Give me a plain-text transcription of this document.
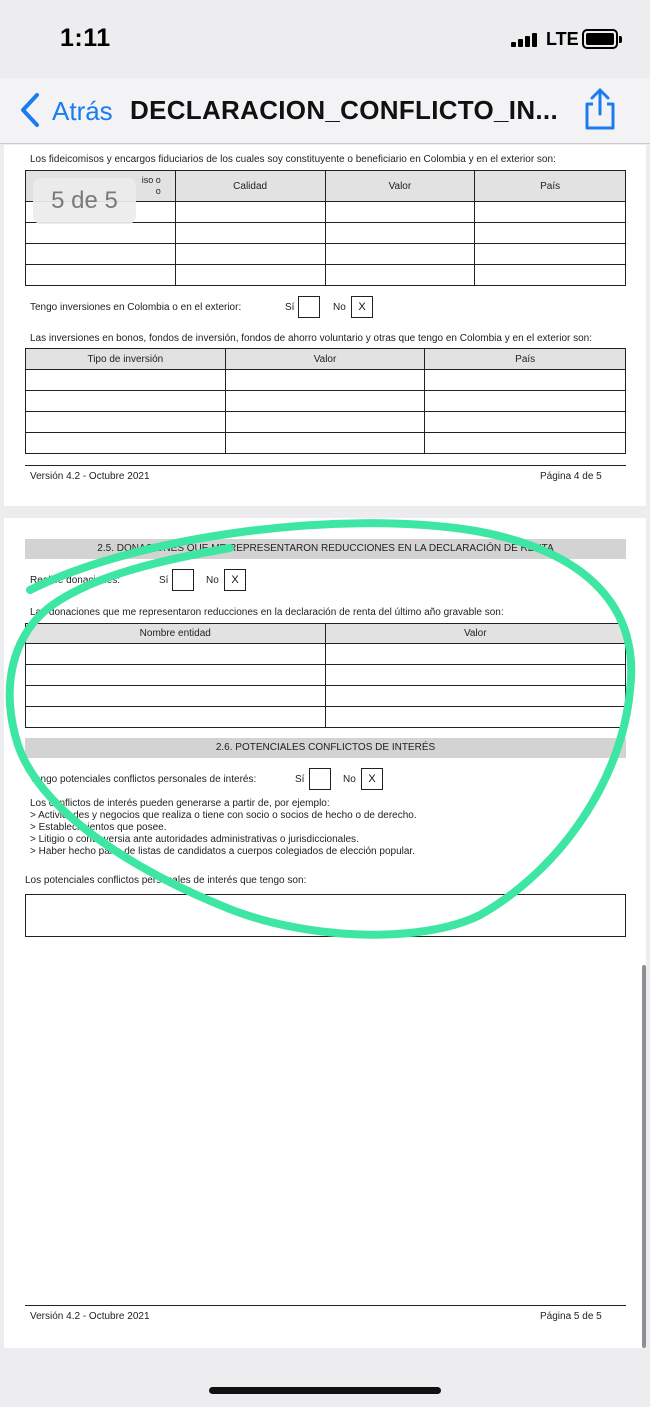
1:11	LTE
Atrás DECLARACION_CONFLICTO_IN...
Los fideicomisos y encargos fiduciarios de los cuales soy constituyente o beneficiario en Colombia y en el exterior son:
iso o
o	Calidad	Valor	País

Tengo inversiones en Colombia o en el exterior:	Sí	No	X
Las inversiones en bonos, fondos de inversión, fondos de ahorro voluntario y otras que tengo en Colombia y en el exterior son:
Tipo de inversión	Valor	País

Versión 4.2 - Octubre 2021	Página 4 de 5
2.5. DONACIONES QUE ME REPRESENTARON REDUCCIONES EN LA DECLARACIÓN DE RENTA
Realicé donaciones:	Sí	No	X
Las donaciones que me representaron reducciones en la declaración de renta del último año gravable son:
Nombre entidad	Valor

2.6. POTENCIALES CONFLICTOS DE INTERÉS
Tengo potenciales conflictos personales de interés:	Sí	No	X
Los conflictos de interés pueden generarse a partir de, por ejemplo:
> Actividades y negocios que realiza o tiene con socio o socios de hecho o de derecho.
> Establecimientos que posee.
> Litigio o controversia ante autoridades administrativas o jurisdiccionales.
> Haber hecho parte de listas de candidatos a cuerpos colegiados de elección popular.
Los potenciales conflictos personales de interés que tengo son:
Versión 4.2 - Octubre 2021	Página 5 de 5
5 de 5
